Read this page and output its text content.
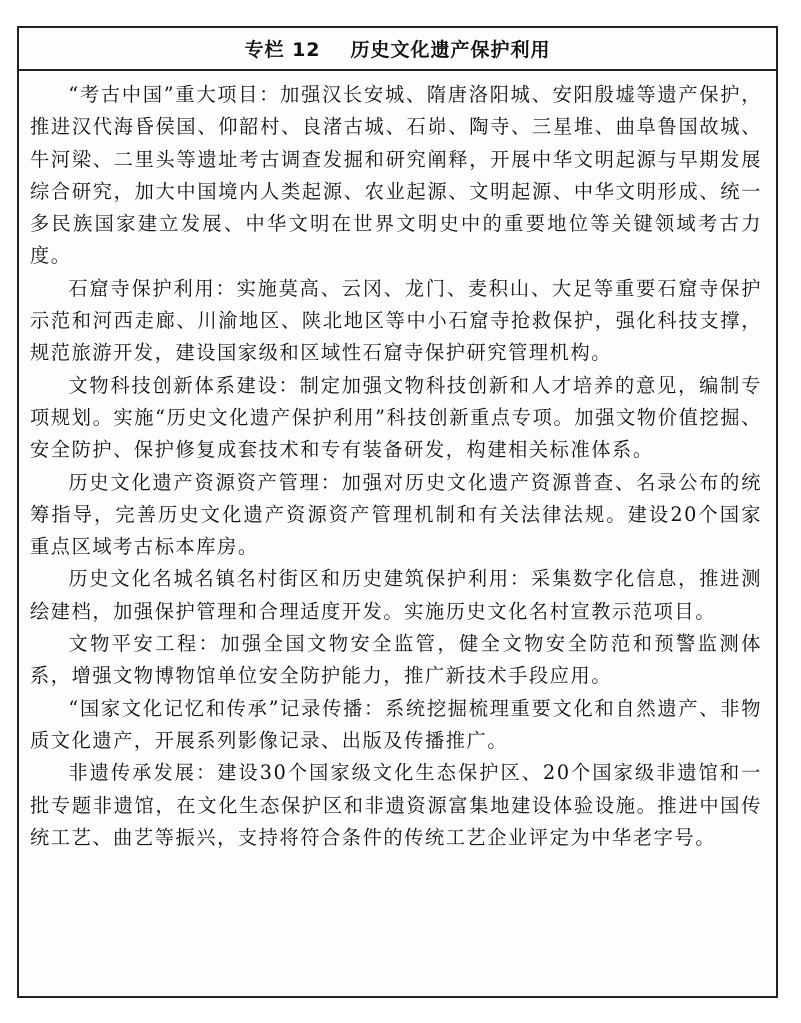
专栏 12 历史文化遗产保护利用

“考古中国”重大项目：加强汉长安城、隋唐洛阳城、安阳殷墟等遗产保护，推进汉代海昏侯国、仰韶村、良渚古城、石峁、陶寺、三星堆、曲阜鲁国故城、牛河梁、二里头等遗址考古调查发掘和研究阐释，开展中华文明起源与早期发展综合研究，加大中国境内人类起源、农业起源、文明起源、中华文明形成、统一多民族国家建立发展、中华文明在世界文明史中的重要地位等关键领域考古力度。

石窟寺保护利用：实施莫高、云冈、龙门、麦积山、大足等重要石窟寺保护示范和河西走廊、川渝地区、陕北地区等中小石窟寺抢救保护，强化科技支撑，规范旅游开发，建设国家级和区域性石窟寺保护研究管理机构。

文物科技创新体系建设：制定加强文物科技创新和人才培养的意见，编制专项规划。实施“历史文化遗产保护利用”科技创新重点专项。加强文物价值挖掘、安全防护、保护修复成套技术和专有装备研发，构建相关标准体系。

历史文化遗产资源资产管理：加强对历史文化遗产资源普查、名录公布的统筹指导，完善历史文化遗产资源资产管理机制和有关法律法规。建设20个国家重点区域考古标本库房。

历史文化名城名镇名村街区和历史建筑保护利用：采集数字化信息，推进测绘建档，加强保护管理和合理适度开发。实施历史文化名村宣教示范项目。

文物平安工程：加强全国文物安全监管，健全文物安全防范和预警监测体系，增强文物博物馆单位安全防护能力，推广新技术手段应用。

“国家文化记忆和传承”记录传播：系统挖掘梳理重要文化和自然遗产、非物质文化遗产，开展系列影像记录、出版及传播推广。

非遗传承发展：建设30个国家级文化生态保护区、20个国家级非遗馆和一批专题非遗馆，在文化生态保护区和非遗资源富集地建设体验设施。推进中国传统工艺、曲艺等振兴，支持将符合条件的传统工艺企业评定为中华老字号。
